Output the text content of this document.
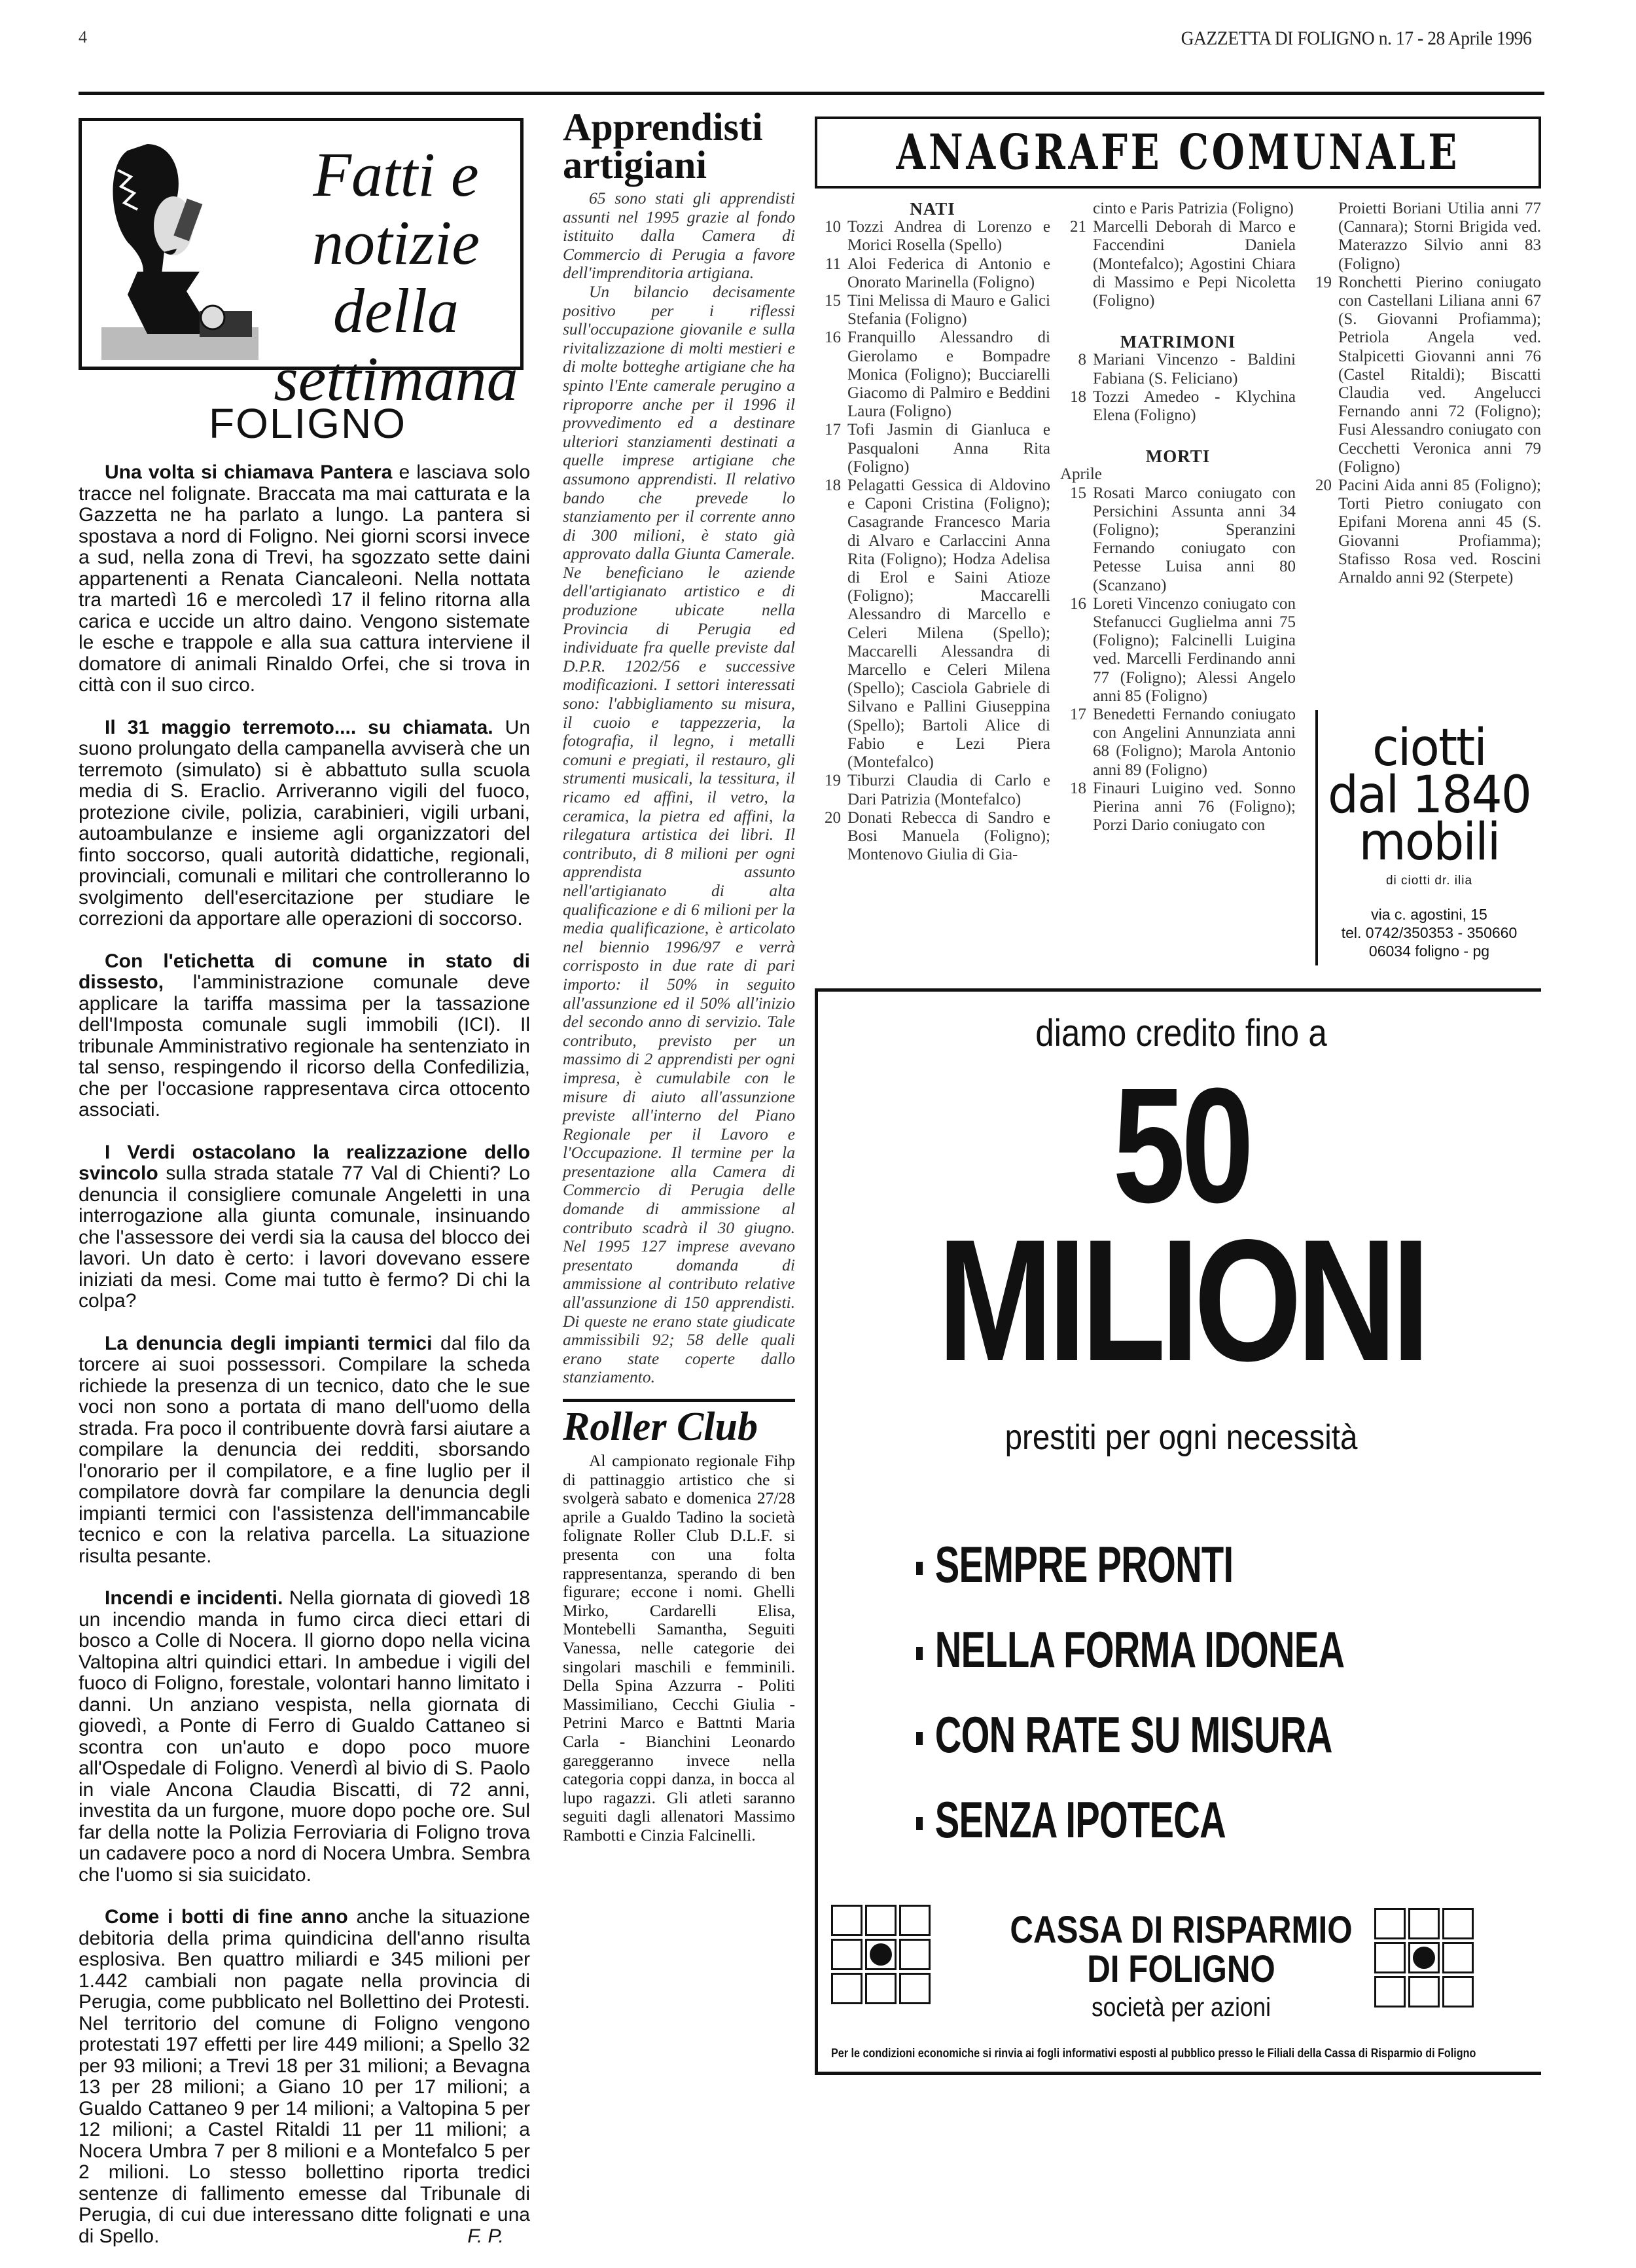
4	GAZZETTA DI FOLIGNO n. 17 - 28 Aprile 1996
Fatti e
notizie della
settimana
FOLIGNO

Una volta si chiamava Pantera e lasciava solo tracce nel folignate. Braccata ma mai catturata e la Gazzetta ne ha parlato a lungo. La pantera si spostava a nord di Foligno. Nei giorni scorsi invece a sud, nella zona di Trevi, ha sgozzato sette daini appartenenti a Renata Ciancaleoni. Nella nottata tra martedì 16 e mercoledì 17 il felino ritorna alla carica e uccide un altro daino. Vengono sistemate le esche e trappole e alla sua cattura interviene il domatore di animali Rinaldo Orfei, che si trova in città con il suo circo.

Il 31 maggio terremoto.... su chiamata. Un suono prolungato della campanella avviserà che un terremoto (simulato) si è abbattuto sulla scuola media di S. Eraclio. Arriveranno vigili del fuoco, protezione civile, polizia, carabinieri, vigili urbani, autoambulanze e insieme agli organizzatori del finto soccorso, quali autorità didattiche, regionali, provinciali, comunali e militari che controlleranno lo svolgimento dell'esercitazione per studiare le correzioni da apportare alle operazioni di soccorso.

Con l'etichetta di comune in stato di dissesto, l'amministrazione comunale deve applicare la tariffa massima per la tassazione dell'Imposta comunale sugli immobili (ICI). Il tribunale Amministrativo regionale ha sentenziato in tal senso, respingendo il ricorso della Confedilizia, che per l'occasione rappresentava circa ottocento associati.

I Verdi ostacolano la realizzazione dello svincolo sulla strada statale 77 Val di Chienti? Lo denuncia il consigliere comunale Angeletti in una interrogazione alla giunta comunale, insinuando che l'assessore dei verdi sia la causa del blocco dei lavori. Un dato è certo: i lavori dovevano essere iniziati da mesi. Come mai tutto è fermo? Di chi la colpa?

La denuncia degli impianti termici dal filo da torcere ai suoi possessori. Compilare la scheda richiede la presenza di un tecnico, dato che le sue voci non sono a portata di mano dell'uomo della strada. Fra poco il contribuente dovrà farsi aiutare a compilare la denuncia dei redditi, sborsando l'onorario per il compilatore, e a fine luglio per il compilatore dovrà far compilare la denuncia degli impianti termici con l'assistenza dell'immancabile tecnico e con la relativa parcella. La situazione risulta pesante.

Incendi e incidenti. Nella giornata di giovedì 18 un incendio manda in fumo circa dieci ettari di bosco a Colle di Nocera. Il giorno dopo nella vicina Valtopina altri quindici ettari. In ambedue i vigili del fuoco di Foligno, forestale, volontari hanno limitato i danni. Un anziano vespista, nella giornata di giovedì, a Ponte di Ferro di Gualdo Cattaneo si scontra con un'auto e dopo poco muore all'Ospedale di Foligno. Venerdì al bivio di S. Paolo in viale Ancona Claudia Biscatti, di 72 anni, investita da un furgone, muore dopo poche ore. Sul far della notte la Polizia Ferroviaria di Foligno trova un cadavere poco a nord di Nocera Umbra. Sembra che l'uomo si sia suicidato.

Come i botti di fine anno anche la situazione debitoria della prima quindicina dell'anno risulta esplosiva. Ben quattro miliardi e 345 milioni per 1.442 cambiali non pagate nella provincia di Perugia, come pubblicato nel Bollettino dei Protesti. Nel territorio del comune di Foligno vengono protestati 197 effetti per lire 449 milioni; a Spello 32 per 93 milioni; a Trevi 18 per 31 milioni; a Bevagna 13 per 28 milioni; a Giano 10 per 17 milioni; a Gualdo Cattaneo 9 per 14 milioni; a Valtopina 5 per 12 milioni; a Castel Ritaldi 11 per 11 milioni; a Nocera Umbra 7 per 8 milioni e a Montefalco 5 per 2 milioni. Lo stesso bollettino riporta tredici sentenze di fallimento emesse dal Tribunale di Perugia, di cui due interessano ditte folignati e una di Spello.	F. P.

Apprendisti artigiani

65 sono stati gli apprendisti assunti nel 1995 grazie al fondo istituito dalla Camera di Commercio di Perugia a favore dell'imprenditoria artigiana.

Un bilancio decisamente positivo per i riflessi sull'occupazione giovanile e sulla rivitalizzazione di molti mestieri e di molte botteghe artigiane che ha spinto l'Ente camerale perugino a riproporre anche per il 1996 il provvedimento ed a destinare ulteriori stanziamenti destinati a quelle imprese artigiane che assumono apprendisti. Il relativo bando che prevede lo stanziamento per il corrente anno di 300 milioni, è stato già approvato dalla Giunta Camerale. Ne beneficiano le aziende dell'artigianato artistico e di produzione ubicate nella Provincia di Perugia ed individuate fra quelle previste dal D.P.R. 1202/56 e successive modificazioni. I settori interessati sono: l'abbigliamento su misura, il cuoio e tappezzeria, la fotografia, il legno, i metalli comuni e pregiati, il restauro, gli strumenti musicali, la tessitura, il ricamo ed affini, il vetro, la ceramica, la pietra ed affini, la rilegatura artistica dei libri. Il contributo, di 8 milioni per ogni apprendista assunto nell'artigianato di alta qualificazione e di 6 milioni per la media qualificazione, è articolato nel biennio 1996/97 e verrà corrisposto in due rate di pari importo: il 50% in seguito all'assunzione ed il 50% all'inizio del secondo anno di servizio. Tale contributo, previsto per un massimo di 2 apprendisti per ogni impresa, è cumulabile con le misure di aiuto all'assunzione previste all'interno del Piano Regionale per il Lavoro e l'Occupazione. Il termine per la presentazione alla Camera di Commercio di Perugia delle domande di ammissione al contributo scadrà il 30 giugno. Nel 1995 127 imprese avevano presentato domanda di ammissione al contributo relative all'assunzione di 150 apprendisti. Di queste ne erano state giudicate ammissibili 92; 58 delle quali erano state coperte dallo stanziamento.

Roller Club

Al campionato regionale Fihp di pattinaggio artistico che si svolgerà sabato e domenica 27/28 aprile a Gualdo Tadino la società folignate Roller Club D.L.F. si presenta con una folta rappresentanza, sperando di ben figurare; eccone i nomi. Ghelli Mirko, Cardarelli Elisa, Montebelli Samantha, Seguiti Vanessa, nelle categorie dei singolari maschili e femminili. Della Spina Azzurra - Politi Massimiliano, Cecchi Giulia - Petrini Marco e Battnti Maria Carla - Bianchini Leonardo gareggeranno invece nella categoria coppi danza, in bocca al lupo ragazzi. Gli atleti saranno seguiti dagli allenatori Massimo Rambotti e Cinzia Falcinelli.

ANAGRAFE COMUNALE
NATI
10 Tozzi Andrea di Lorenzo e Morici Rosella (Spello)
11 Aloi Federica di Antonio e Onorato Marinella (Foligno)
15 Tini Melissa di Mauro e Galici Stefania (Foligno)
16 Franquillo Alessandro di Gierolamo e Bompadre Monica (Foligno); Bucciarelli Giacomo di Palmiro e Beddini Laura (Foligno)
17 Tofi Jasmin di Gianluca e Pasqualoni Anna Rita (Foligno)
18 Pelagatti Gessica di Aldovino e Caponi Cristina (Foligno); Casagrande Francesco Maria di Alvaro e Carlaccini Anna Rita (Foligno); Hodza Adelisa di Erol e Saini Atioze (Foligno); Maccarelli Alessandro di Marcello e Celeri Milena (Spello); Maccarelli Alessandra di Marcello e Celeri Milena (Spello); Casciola Gabriele di Silvano e Pallini Giuseppina (Spello); Bartoli Alice di Fabio e Lezi Piera (Montefalco)
19 Tiburzi Claudia di Carlo e Dari Patrizia (Montefalco)
20 Donati Rebecca di Sandro e Bosi Manuela (Foligno); Montenovo Giulia di Gia-
cinto e Paris Patrizia (Foligno)
21 Marcelli Deborah di Marco e Faccendini Daniela (Montefalco); Agostini Chiara di Massimo e Pepi Nicoletta (Foligno)
MATRIMONI
8 Mariani Vincenzo - Baldini Fabiana (S. Feliciano)
18 Tozzi Amedeo - Klychina Elena (Foligno)
MORTI
Aprile
15 Rosati Marco coniugato con Persichini Assunta anni 34 (Foligno); Speranzini Fernando coniugato con Petesse Luisa anni 80 (Scanzano)
16 Loreti Vincenzo coniugato con Stefanucci Guglielma anni 75 (Foligno); Falcinelli Luigina ved. Marcelli Ferdinando anni 77 (Foligno); Alessi Angelo anni 85 (Foligno)
17 Benedetti Fernando coniugato con Angelini Annunziata anni 68 (Foligno); Marola Antonio anni 89 (Foligno)
18 Finauri Luigino ved. Sonno Pierina anni 76 (Foligno); Porzi Dario coniugato con
Proietti Boriani Utilia anni 77 (Cannara); Storni Brigida ved. Materazzo Silvio anni 83 (Foligno)
19 Ronchetti Pierino coniugato con Castellani Liliana anni 67 (S. Giovanni Profiamma); Petriola Angela ved. Stalpicetti Giovanni anni 76 (Castel Ritaldi); Biscatti Claudia ved. Angelucci Fernando anni 72 (Foligno); Fusi Alessandro coniugato con Cecchetti Veronica anni 79 (Foligno)
20 Pacini Aida anni 85 (Foligno); Torti Pietro coniugato con Epifani Morena anni 45 (S. Giovanni Profiamma); Stafisso Rosa ved. Roscini Arnaldo anni 92 (Sterpete)
ciotti
dal 1840
mobili
di ciotti dr. ilia
via c. agostini, 15
tel. 0742/350353 - 350660
06034 foligno - pg
diamo credito fino a
50
MILIONI
prestiti per ogni necessità
SEMPRE PRONTI
NELLA FORMA IDONEA
CON RATE SU MISURA
SENZA IPOTECA
CASSA DI RISPARMIO
DI FOLIGNO
società per azioni
Per le condizioni economiche si rinvia ai fogli informativi esposti al pubblico presso le Filiali della Cassa di Risparmio di Foligno
